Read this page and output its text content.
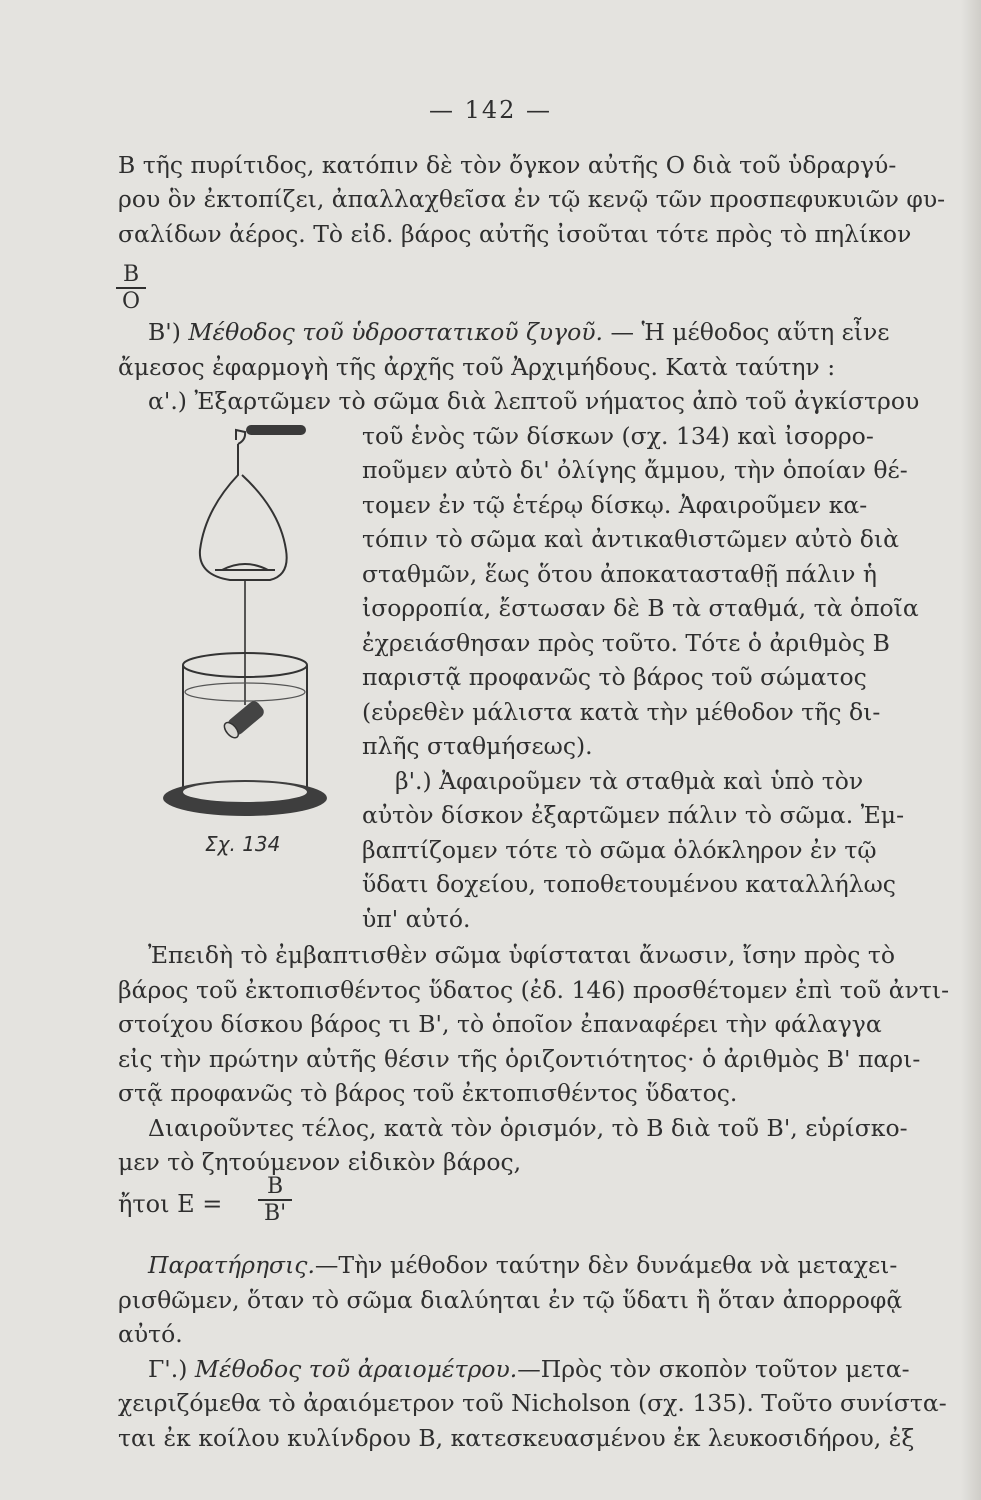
— 142 —
Β τῆς πυρίτιδος, κατόπιν δὲ τὸν ὄγκον αὐτῆς Ο διὰ τοῦ ὑδραργύ-
ρου ὃν ἐκτοπίζει, ἀπαλλαχθεῖσα ἐν τῷ κενῷ τῶν προσπεφυκυιῶν φυ-
σαλίδων ἀέρος. Τὸ εἰδ. βάρος αὐτῆς ἰσοῦται τότε πρὸς τὸ πηλίκον
$\frac{B}{O}$
Β') Μέθοδος τοῦ ὑδροστατικοῦ ζυγοῦ. — Ἡ μέθοδος αὕτη εἶνε
ἄμεσος ἐφαρμογὴ τῆς ἀρχῆς τοῦ Ἀρχιμήδους. Κατὰ ταύτην :
α'.) Ἐξαρτῶμεν τὸ σῶμα διὰ λεπτοῦ νήματος ἀπὸ τοῦ ἀγκίστρου
τοῦ ἑνὸς τῶν δίσκων (σχ. 134) καὶ ἰσορρο-
ποῦμεν αὐτὸ δι' ὀλίγης ἄμμου, τὴν ὁποίαν θέ-
τομεν ἐν τῷ ἑτέρῳ δίσκῳ. Ἀφαιροῦμεν κα-
τόπιν τὸ σῶμα καὶ ἀντικαθιστῶμεν αὐτὸ διὰ
σταθμῶν, ἕως ὅτου ἀποκατασταθῇ πάλιν ἡ
ἰσορροπία, ἔστωσαν δὲ Β τὰ σταθμά, τὰ ὁποῖα
ἐχρειάσθησαν πρὸς τοῦτο. Τότε ὁ ἀριθμὸς Β
παριστᾷ προφανῶς τὸ βάρος τοῦ σώματος
(εὑρεθὲν μάλιστα κατὰ τὴν μέθοδον τῆς δι-
πλῆς σταθμήσεως).
β'.) Ἀφαιροῦμεν τὰ σταθμὰ καὶ ὑπὸ τὸν
αὐτὸν δίσκον ἐξαρτῶμεν πάλιν τὸ σῶμα. Ἐμ-
βαπτίζομεν τότε τὸ σῶμα ὁλόκληρον ἐν τῷ
ὕδατι δοχείου, τοποθετουμένου καταλλήλως
ὑπ' αὐτό.
Ἐπειδὴ τὸ ἐμβαπτισθὲν σῶμα ὑφίσταται ἄνωσιν, ἴσην πρὸς τὸ
βάρος τοῦ ἐκτοπισθέντος ὕδατος (ἐδ. 146) προσθέτομεν ἐπὶ τοῦ ἀντι-
στοίχου δίσκου βάρος τι Β', τὸ ὁποῖον ἐπαναφέρει τὴν φάλαγγα
εἰς τὴν πρώτην αὐτῆς θέσιν τῆς ὁριζοντιότητος· ὁ ἀριθμὸς Β' παρι-
στᾷ προφανῶς τὸ βάρος τοῦ ἐκτοπισθέντος ὕδατος.
Διαιροῦντες τέλος, κατὰ τὸν ὁρισμόν, τὸ Β διὰ τοῦ Β', εὑρίσκο-
μεν τὸ ζητούμενον εἰδικὸν βάρος,
ἤτοι $E = \frac{B}{B'}$
Παρατήρησις.—Τὴν μέθοδον ταύτην δὲν δυνάμεθα νὰ μεταχει-
ρισθῶμεν, ὅταν τὸ σῶμα διαλύηται ἐν τῷ ὕδατι ἢ ὅταν ἀπορροφᾷ
αὐτό.
Γ'.) Μέθοδος τοῦ ἀραιομέτρου.—Πρὸς τὸν σκοπὸν τοῦτον μετα-
χειριζόμεθα τὸ ἀραιόμετρον τοῦ Nicholson (σχ. 135). Τοῦτο συνίστα-
ται ἐκ κοίλου κυλίνδρου Β, κατεσκευασμένου ἐκ λευκοσιδήρου, ἐξ
Σχ. 134
